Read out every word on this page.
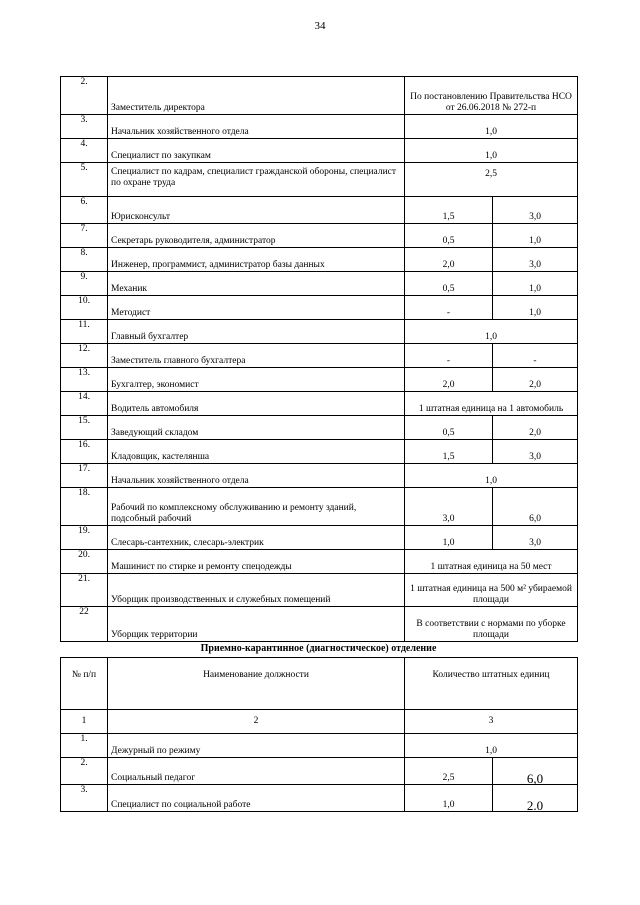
34
2.	Заместитель директора	По постановлению Правительства НСО от 26.06.2018 № 272-п	
3.	Начальник хозяйственного отдела	1,0	
4.	Специалист по закупкам	1,0	
5.	Специалист по кадрам, специалист гражданской обороны, специалист по охране труда	2,5	
6.	Юрисконсульт	1,5	3,0
7.	Секретарь руководителя, администратор	0,5	1,0
8.	Инженер, программист, администратор базы данных	2,0	3,0
9.	Механик	0,5	1,0
10.	Методист	-	1,0
11.	Главный бухгалтер	1,0	
12.	Заместитель главного бухгалтера	-	-
13.	Бухгалтер, экономист	2,0	2,0
14.	Водитель автомобиля	1 штатная единица на 1 автомобиль	
15.	Заведующий складом	0,5	2,0
16.	Кладовщик, кастелянша	1,5	3,0
17.	Начальник хозяйственного отдела	1,0	
18.	Рабочий по комплексному обслуживанию и ремонту зданий, подсобный рабочий	3,0	6,0
19.	Слесарь-сантехник, слесарь-электрик	1,0	3,0
20.	Машинист по стирке и ремонту спецодежды	1 штатная единица на 50 мест	
21.	Уборщик производственных и служебных помещений	1 штатная единица на 500 м² убираемой площади	
22	Уборщик территории	В соответствии с нормами по уборке площади	
Приемно-карантинное (диагностическое) отделение
№ п/п	Наименование должности	Количество штатных единиц	
1	2	3	
1.	Дежурный по режиму	1,0	
2.	Социальный педагог	2,5	6,0
3.	Специалист по социальной работе	1,0	2.0
